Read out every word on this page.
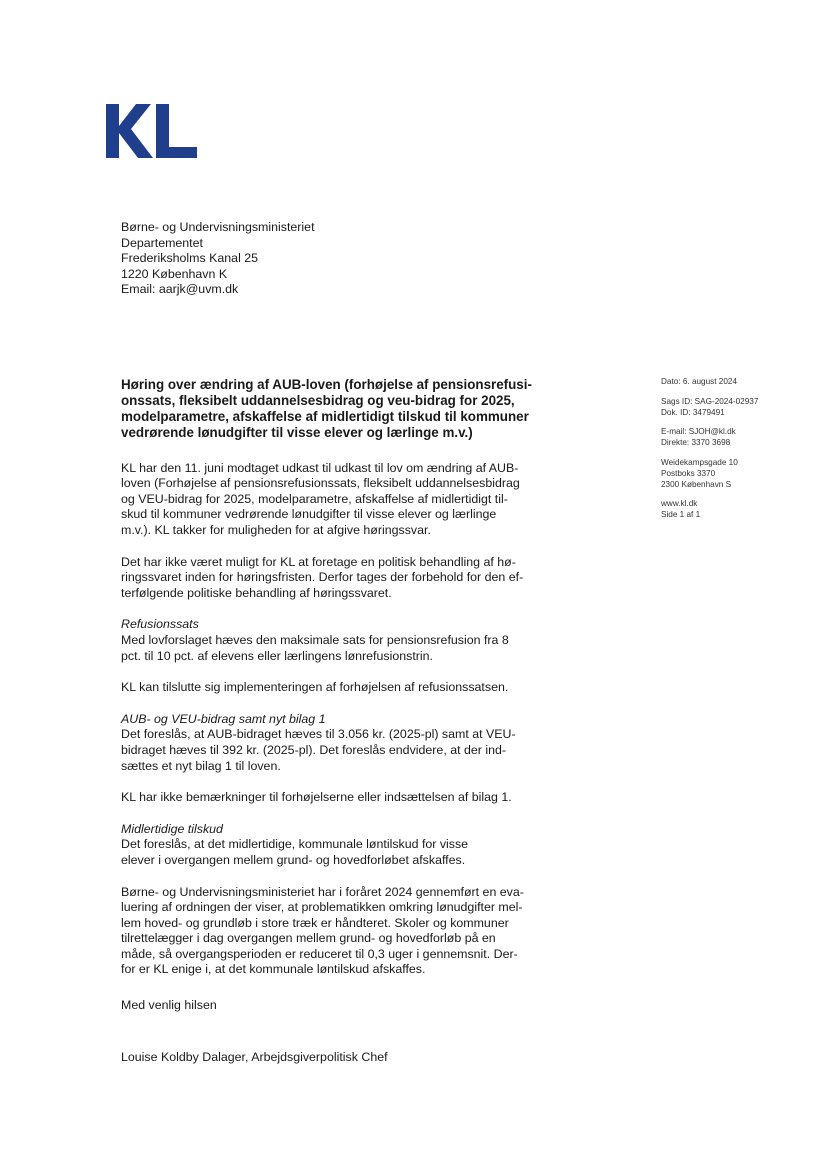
Børne- og Undervisningsministeriet
Departementet
Frederiksholms Kanal 25
1220 København K
Email: aarjk@uvm.dk
Dato: 6. august 2024
Sags ID: SAG-2024-02937
Dok. ID: 3479491
E-mail: SJOH@kl.dk
Direkte: 3370 3698
Weidekampsgade 10
Postboks 3370
2300 København S
www.kl.dk
Side 1 af 1
Høring over ændring af AUB-loven (forhøjelse af pensionsrefusi-
onssats, fleksibelt uddannelsesbidrag og veu-bidrag for 2025,
modelparametre, afskaffelse af midlertidigt tilskud til kommuner
vedrørende lønudgifter til visse elever og lærlinge m.v.)

KL har den 11. juni modtaget udkast til udkast til lov om ændring af AUB-
loven (Forhøjelse af pensionsrefusionssats, fleksibelt uddannelsesbidrag
og VEU-bidrag for 2025, modelparametre, afskaffelse af midlertidigt til-
skud til kommuner vedrørende lønudgifter til visse elever og lærlinge
m.v.). KL takker for muligheden for at afgive høringssvar.

Det har ikke været muligt for KL at foretage en politisk behandling af hø-
ringssvaret inden for høringsfristen. Derfor tages der forbehold for den ef-
terfølgende politiske behandling af høringssvaret.

Refusionssats
Med lovforslaget hæves den maksimale sats for pensionsrefusion fra 8
pct. til 10 pct. af elevens eller lærlingens lønrefusionstrin.

KL kan tilslutte sig implementeringen af forhøjelsen af refusionssatsen.

AUB- og VEU-bidrag samt nyt bilag 1
Det foreslås, at AUB-bidraget hæves til 3.056 kr. (2025-pl) samt at VEU-
bidraget hæves til 392 kr. (2025-pl). Det foreslås endvidere, at der ind-
sættes et nyt bilag 1 til loven.

KL har ikke bemærkninger til forhøjelserne eller indsættelsen af bilag 1.

Midlertidige tilskud
Det foreslås, at det midlertidige, kommunale løntilskud for visse
elever i overgangen mellem grund- og hovedforløbet afskaffes.

Børne- og Undervisningsministeriet har i foråret 2024 gennemført en eva-
luering af ordningen der viser, at problematikken omkring lønudgifter mel-
lem hoved- og grundløb i store træk er håndteret. Skoler og kommuner
tilrettelægger i dag overgangen mellem grund- og hovedforløb på en
måde, så overgangsperioden er reduceret til 0,3 uger i gennemsnit. Der-
for er KL enige i, at det kommunale løntilskud afskaffes.

Med venlig hilsen

Louise Koldby Dalager, Arbejdsgiverpolitisk Chef
